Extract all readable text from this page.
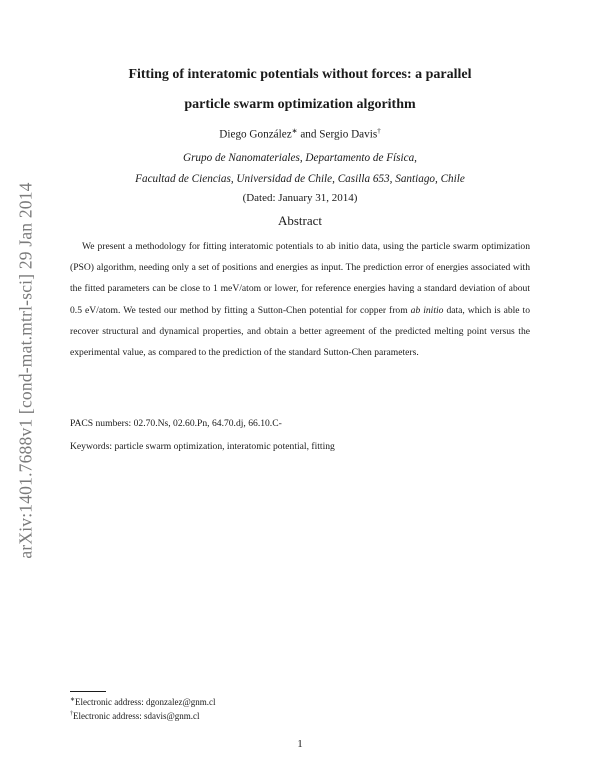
arXiv:1401.7688v1 [cond-mat.mtrl-sci] 29 Jan 2014
Fitting of interatomic potentials without forces: a parallel
particle swarm optimization algorithm
Diego González∗ and Sergio Davis†
Grupo de Nanomateriales, Departamento de Física,
Facultad de Ciencias, Universidad de Chile, Casilla 653, Santiago, Chile
(Dated: January 31, 2014)
Abstract
We present a methodology for fitting interatomic potentials to ab initio data, using the particle swarm optimization (PSO) algorithm, needing only a set of positions and energies as input. The prediction error of energies associated with the fitted parameters can be close to 1 meV/atom or lower, for reference energies having a standard deviation of about 0.5 eV/atom. We tested our method by fitting a Sutton-Chen potential for copper from ab initio data, which is able to recover structural and dynamical properties, and obtain a better agreement of the predicted melting point versus the experimental value, as compared to the prediction of the standard Sutton-Chen parameters.
PACS numbers: 02.70.Ns, 02.60.Pn, 64.70.dj, 66.10.C-
Keywords: particle swarm optimization, interatomic potential, fitting
∗Electronic address: dgonzalez@gnm.cl
†Electronic address: sdavis@gnm.cl
1
